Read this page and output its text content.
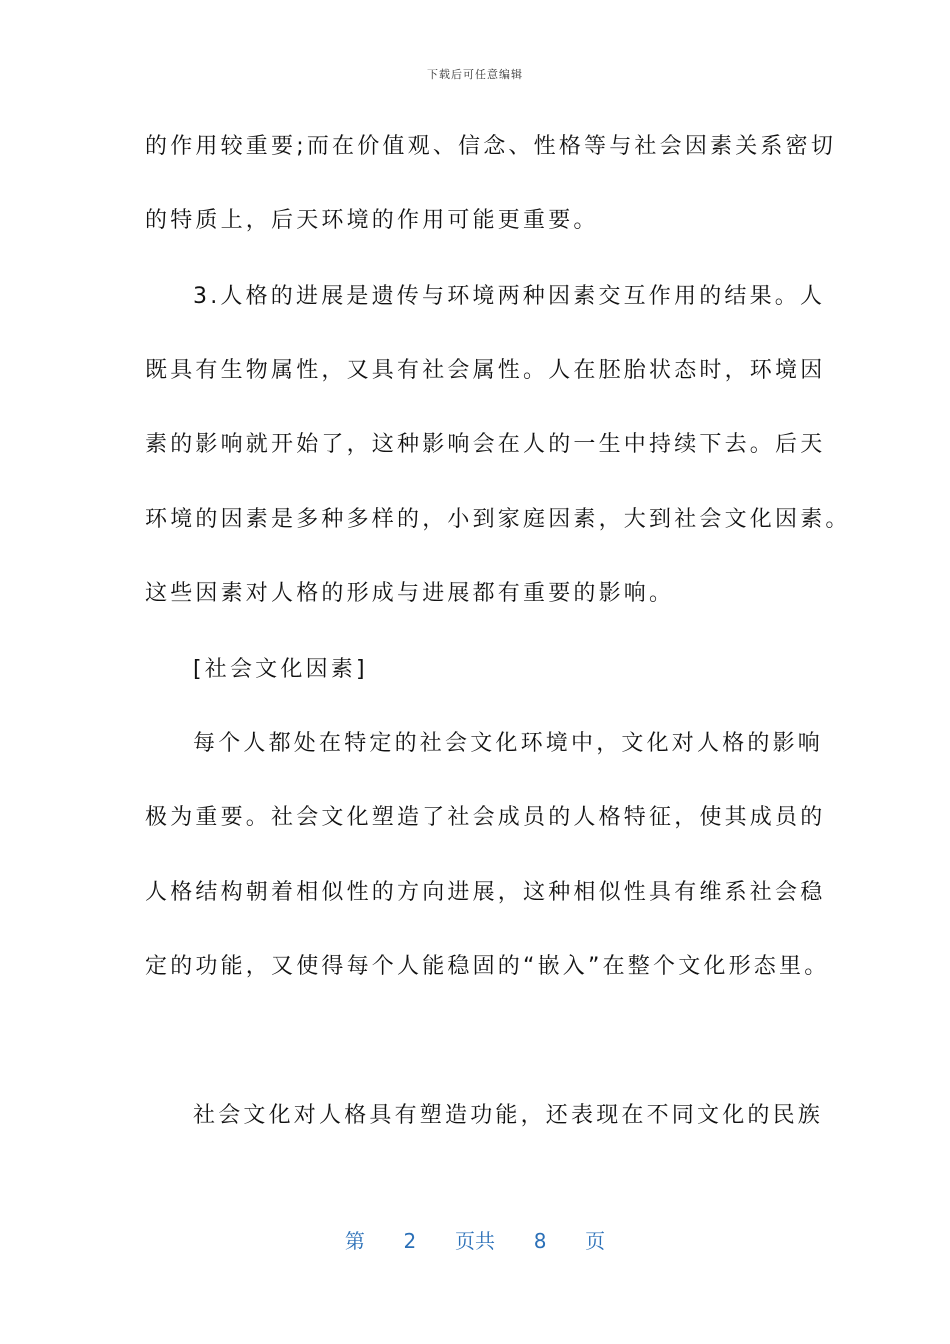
下载后可任意编辑
的作用较重要;而在价值观、信念、性格等与社会因素关系密切
的特质上，后天环境的作用可能更重要。
3.人格的进展是遗传与环境两种因素交互作用的结果。人
既具有生物属性，又具有社会属性。人在胚胎状态时，环境因
素的影响就开始了，这种影响会在人的一生中持续下去。后天
环境的因素是多种多样的，小到家庭因素，大到社会文化因素。
这些因素对人格的形成与进展都有重要的影响。
[社会文化因素]
每个人都处在特定的社会文化环境中，文化对人格的影响
极为重要。社会文化塑造了社会成员的人格特征，使其成员的
人格结构朝着相似性的方向进展，这种相似性具有维系社会稳
定的功能，又使得每个人能稳固的“嵌入”在整个文化形态里。
社会文化对人格具有塑造功能，还表现在不同文化的民族
第 2 页共 8 页
